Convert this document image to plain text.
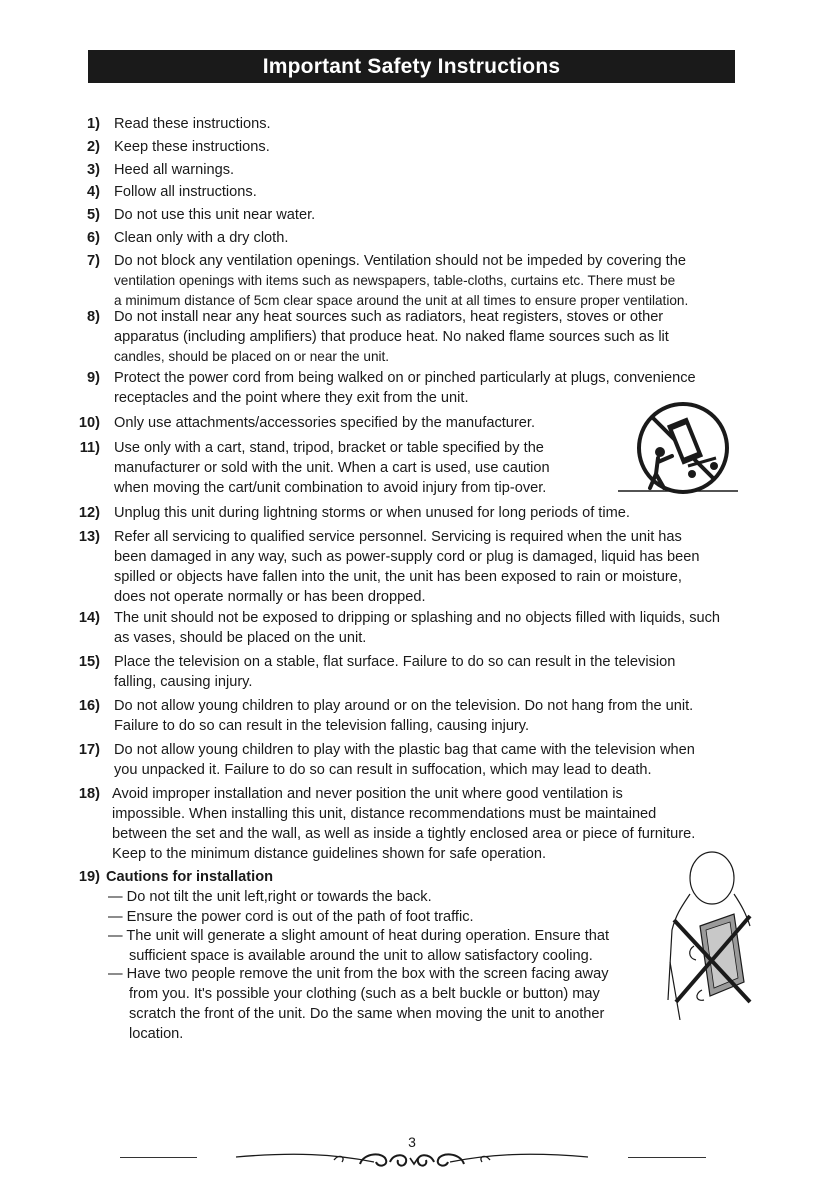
Important Safety Instructions
1) Read these instructions.
2) Keep these instructions.
3) Heed all warnings.
4) Follow all instructions.
5) Do not use this unit near water.
6) Clean only with a dry cloth.
7) Do not block any ventilation openings. Ventilation should not be impeded by covering the
ventilation openings with items such as newspapers, table-cloths, curtains etc. There must be
a minimum distance of 5cm clear space around the unit at all times to ensure proper ventilation.
8) Do not install near any heat sources such as radiators, heat registers, stoves or other
apparatus (including amplifiers) that produce heat. No naked flame sources such as lit
candles, should be placed on or near the unit.
9) Protect the power cord from being walked on or pinched particularly at plugs, convenience
receptacles and the point where they exit from the unit.
10) Only use attachments/accessories specified by the manufacturer.
11) Use only with a cart, stand, tripod, bracket or table specified by the
manufacturer or sold with the unit. When a cart is used, use caution
when moving the cart/unit combination to avoid injury from tip-over.
12) Unplug this unit during lightning storms or when unused for long periods of time.
13) Refer all servicing to qualified service personnel. Servicing is required when the unit has
been damaged in any way, such as power-supply cord or plug is damaged, liquid has been
spilled or objects have fallen into the unit, the unit has been exposed to rain or moisture,
does not operate normally or has been dropped.
14) The unit should not be exposed to dripping or splashing and no objects filled with liquids, such
as vases, should be placed on the unit.
15) Place the television on a stable, flat surface. Failure to do so can result in the television
falling, causing injury.
16) Do not allow young children to play around or on the television. Do not hang from the unit.
Failure to do so can result in the television falling, causing injury.
17) Do not allow young children to play with the plastic bag that came with the television when
you unpacked it. Failure to do so can result in suffocation, which may lead to death.
18) Avoid improper installation and never position the unit where good ventilation is
impossible. When installing this unit, distance recommendations must be maintained
between the set and the wall, as well as inside a tightly enclosed area or piece of furniture.
Keep to the minimum distance guidelines shown for safe operation.
19) Cautions for installation
— Do not tilt the unit left,right or towards the back.
— Ensure the power cord is out of the path of foot traffic.
— The unit will generate a slight amount of heat during operation. Ensure that
sufficient space is available around the unit to allow satisfactory cooling.
— Have two people remove the unit from the box with the screen facing away
from you. It's possible your clothing (such as a belt buckle or button) may
scratch the front of the unit. Do the same when moving the unit to another
location.
3
